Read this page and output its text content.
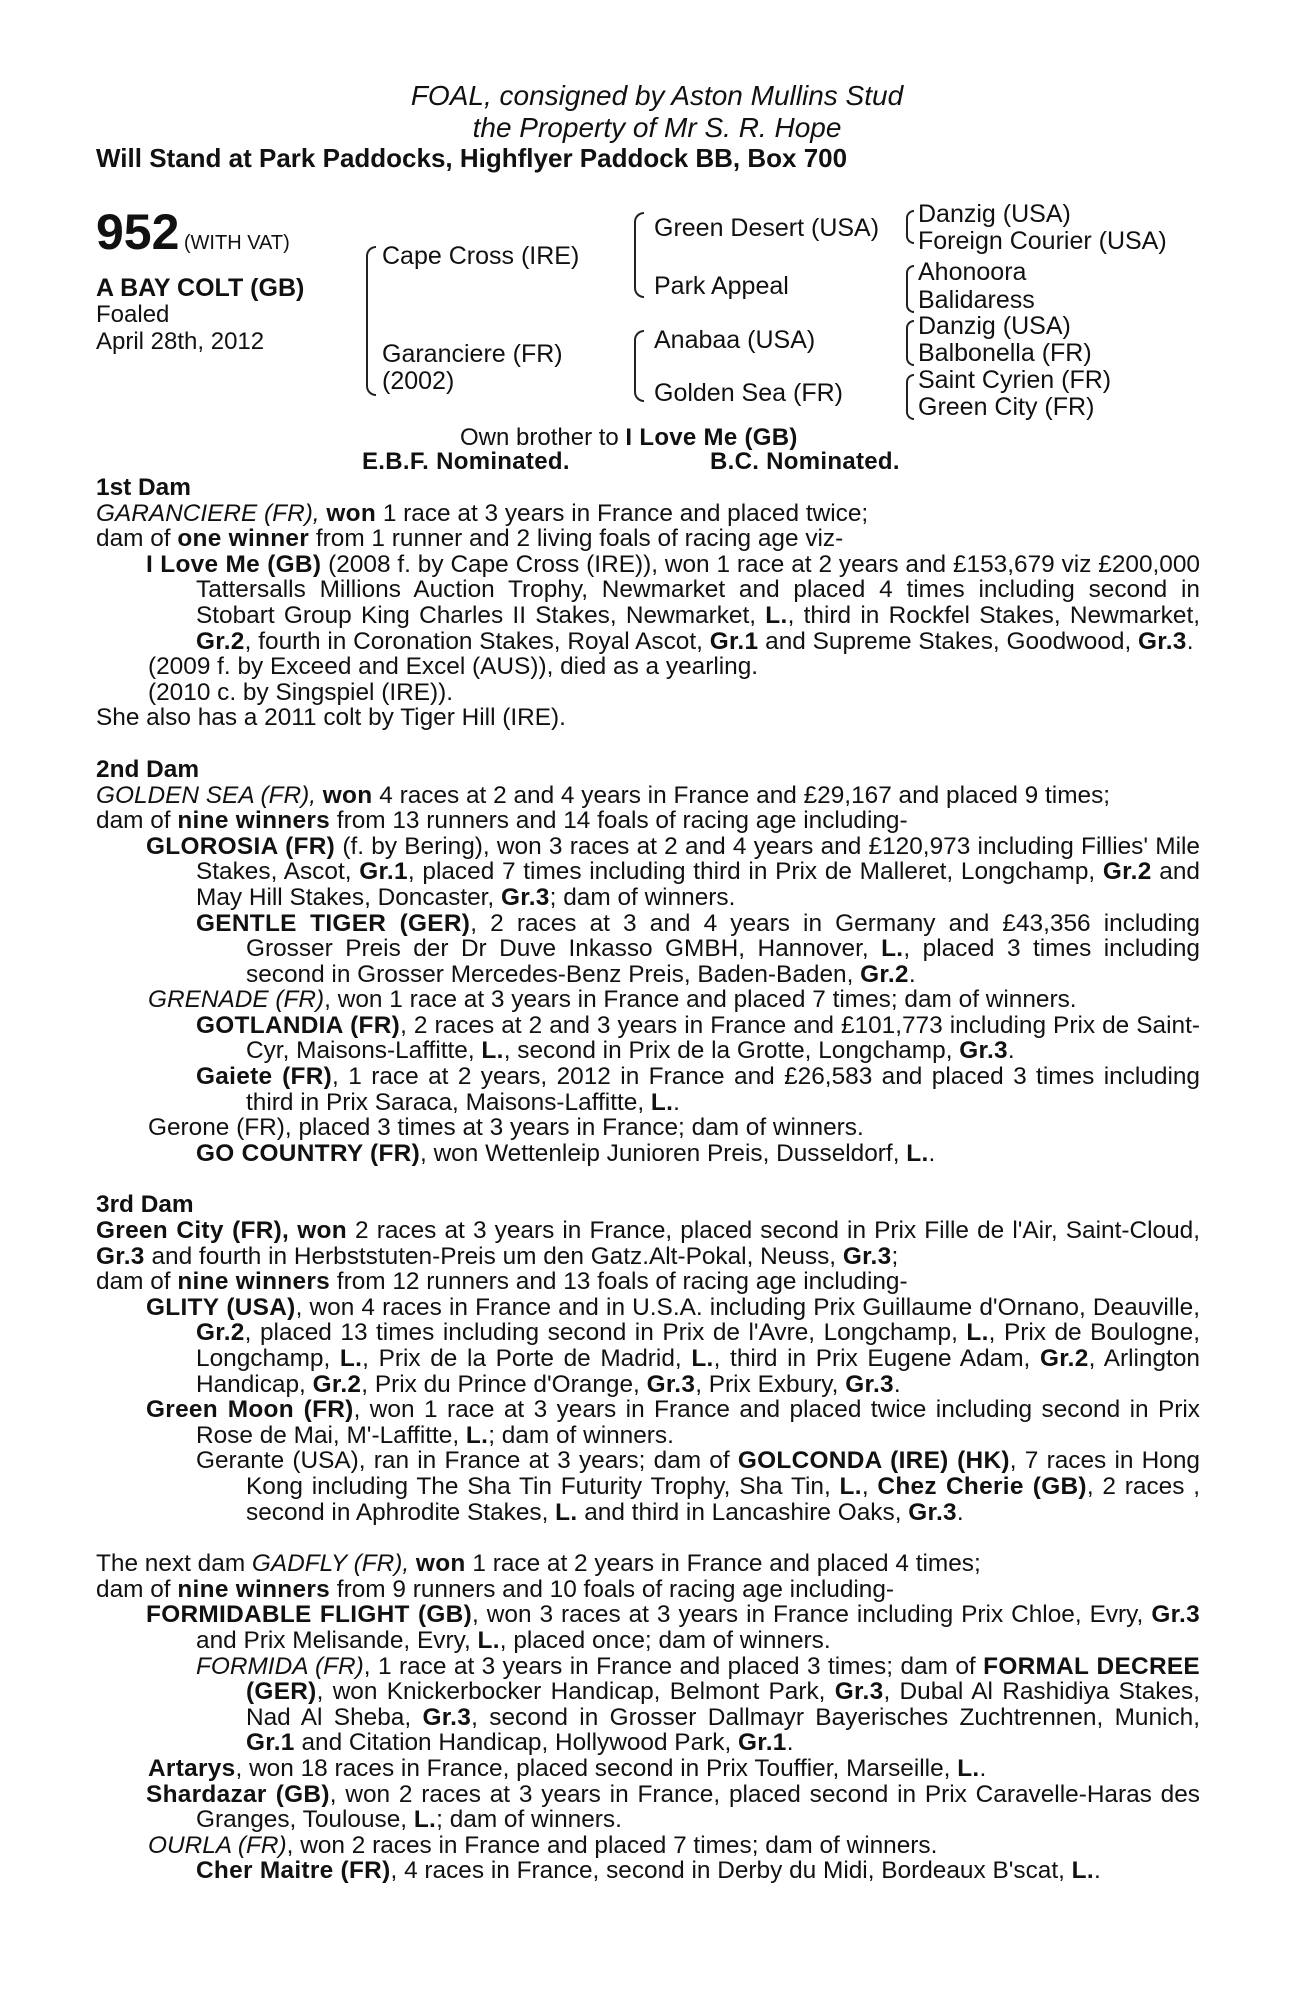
FOAL, consigned by Aston Mullins Stud
the Property of Mr S. R. Hope
Will Stand at Park Paddocks, Highflyer Paddock BB, Box 700
952 (WITH VAT)
A BAY COLT (GB)
Foaled
April 28th, 2012
Cape Cross (IRE)
Garanciere (FR)
(2002)
Green Desert (USA)
Park Appeal
Anabaa (USA)
Golden Sea (FR)
Danzig (USA)
Foreign Courier (USA)
Ahonoora
Balidaress
Danzig (USA)
Balbonella (FR)
Saint Cyrien (FR)
Green City (FR)
Own brother to I Love Me (GB)
E.B.F. Nominated.	B.C. Nominated.

1st Dam

GARANCIERE (FR), won 1 race at 3 years in France and placed twice;

dam of one winner from 1 runner and 2 living foals of racing age viz-

I Love Me (GB) (2008 f. by Cape Cross (IRE)), won 1 race at 2 years and £153,679 viz £200,000 Tattersalls Millions Auction Trophy, Newmarket and placed 4 times including second in Stobart Group King Charles II Stakes, Newmarket, L., third in Rockfel Stakes, Newmarket, Gr.2, fourth in Coronation Stakes, Royal Ascot, Gr.1 and Supreme Stakes, Goodwood, Gr.3.

(2009 f. by Exceed and Excel (AUS)), died as a yearling.

(2010 c. by Singspiel (IRE)).

She also has a 2011 colt by Tiger Hill (IRE).

2nd Dam

GOLDEN SEA (FR), won 4 races at 2 and 4 years in France and £29,167 and placed 9 times;

dam of nine winners from 13 runners and 14 foals of racing age including-

GLOROSIA (FR) (f. by Bering), won 3 races at 2 and 4 years and £120,973 including Fillies' Mile Stakes, Ascot, Gr.1, placed 7 times including third in Prix de Malleret, Longchamp, Gr.2 and May Hill Stakes, Doncaster, Gr.3; dam of winners.

GENTLE TIGER (GER), 2 races at 3 and 4 years in Germany and £43,356 including Grosser Preis der Dr Duve Inkasso GMBH, Hannover, L., placed 3 times including second in Grosser Mercedes-Benz Preis, Baden-Baden, Gr.2.

GRENADE (FR), won 1 race at 3 years in France and placed 7 times; dam of winners.

GOTLANDIA (FR), 2 races at 2 and 3 years in France and £101,773 including Prix de Saint-Cyr, Maisons-Laffitte, L., second in Prix de la Grotte, Longchamp, Gr.3.

Gaiete (FR), 1 race at 2 years, 2012 in France and £26,583 and placed 3 times including third in Prix Saraca, Maisons-Laffitte, L..

Gerone (FR), placed 3 times at 3 years in France; dam of winners.

GO COUNTRY (FR), won Wettenleip Junioren Preis, Dusseldorf, L..

3rd Dam

Green City (FR), won 2 races at 3 years in France, placed second in Prix Fille de l'Air, Saint-Cloud, Gr.3 and fourth in Herbststuten-Preis um den Gatz.Alt-Pokal, Neuss, Gr.3;

dam of nine winners from 12 runners and 13 foals of racing age including-

GLITY (USA), won 4 races in France and in U.S.A. including Prix Guillaume d'Ornano, Deauville, Gr.2, placed 13 times including second in Prix de l'Avre, Longchamp, L., Prix de Boulogne, Longchamp, L., Prix de la Porte de Madrid, L., third in Prix Eugene Adam, Gr.2, Arlington Handicap, Gr.2, Prix du Prince d'Orange, Gr.3, Prix Exbury, Gr.3.

Green Moon (FR), won 1 race at 3 years in France and placed twice including second in Prix Rose de Mai, M'-Laffitte, L.; dam of winners.

Gerante (USA), ran in France at 3 years; dam of GOLCONDA (IRE) (HK), 7 races in Hong Kong including The Sha Tin Futurity Trophy, Sha Tin, L., Chez Cherie (GB), 2 races , second in Aphrodite Stakes, L. and third in Lancashire Oaks, Gr.3.

The next dam GADFLY (FR), won 1 race at 2 years in France and placed 4 times;

dam of nine winners from 9 runners and 10 foals of racing age including-

FORMIDABLE FLIGHT (GB), won 3 races at 3 years in France including Prix Chloe, Evry, Gr.3 and Prix Melisande, Evry, L., placed once; dam of winners.

FORMIDA (FR), 1 race at 3 years in France and placed 3 times; dam of FORMAL DECREE (GER), won Knickerbocker Handicap, Belmont Park, Gr.3, Dubal Al Rashidiya Stakes, Nad Al Sheba, Gr.3, second in Grosser Dallmayr Bayerisches Zuchtrennen, Munich, Gr.1 and Citation Handicap, Hollywood Park, Gr.1.

Artarys, won 18 races in France, placed second in Prix Touffier, Marseille, L..

Shardazar (GB), won 2 races at 3 years in France, placed second in Prix Caravelle-Haras des Granges, Toulouse, L.; dam of winners.

OURLA (FR), won 2 races in France and placed 7 times; dam of winners.

Cher Maitre (FR), 4 races in France, second in Derby du Midi, Bordeaux B'scat, L..
